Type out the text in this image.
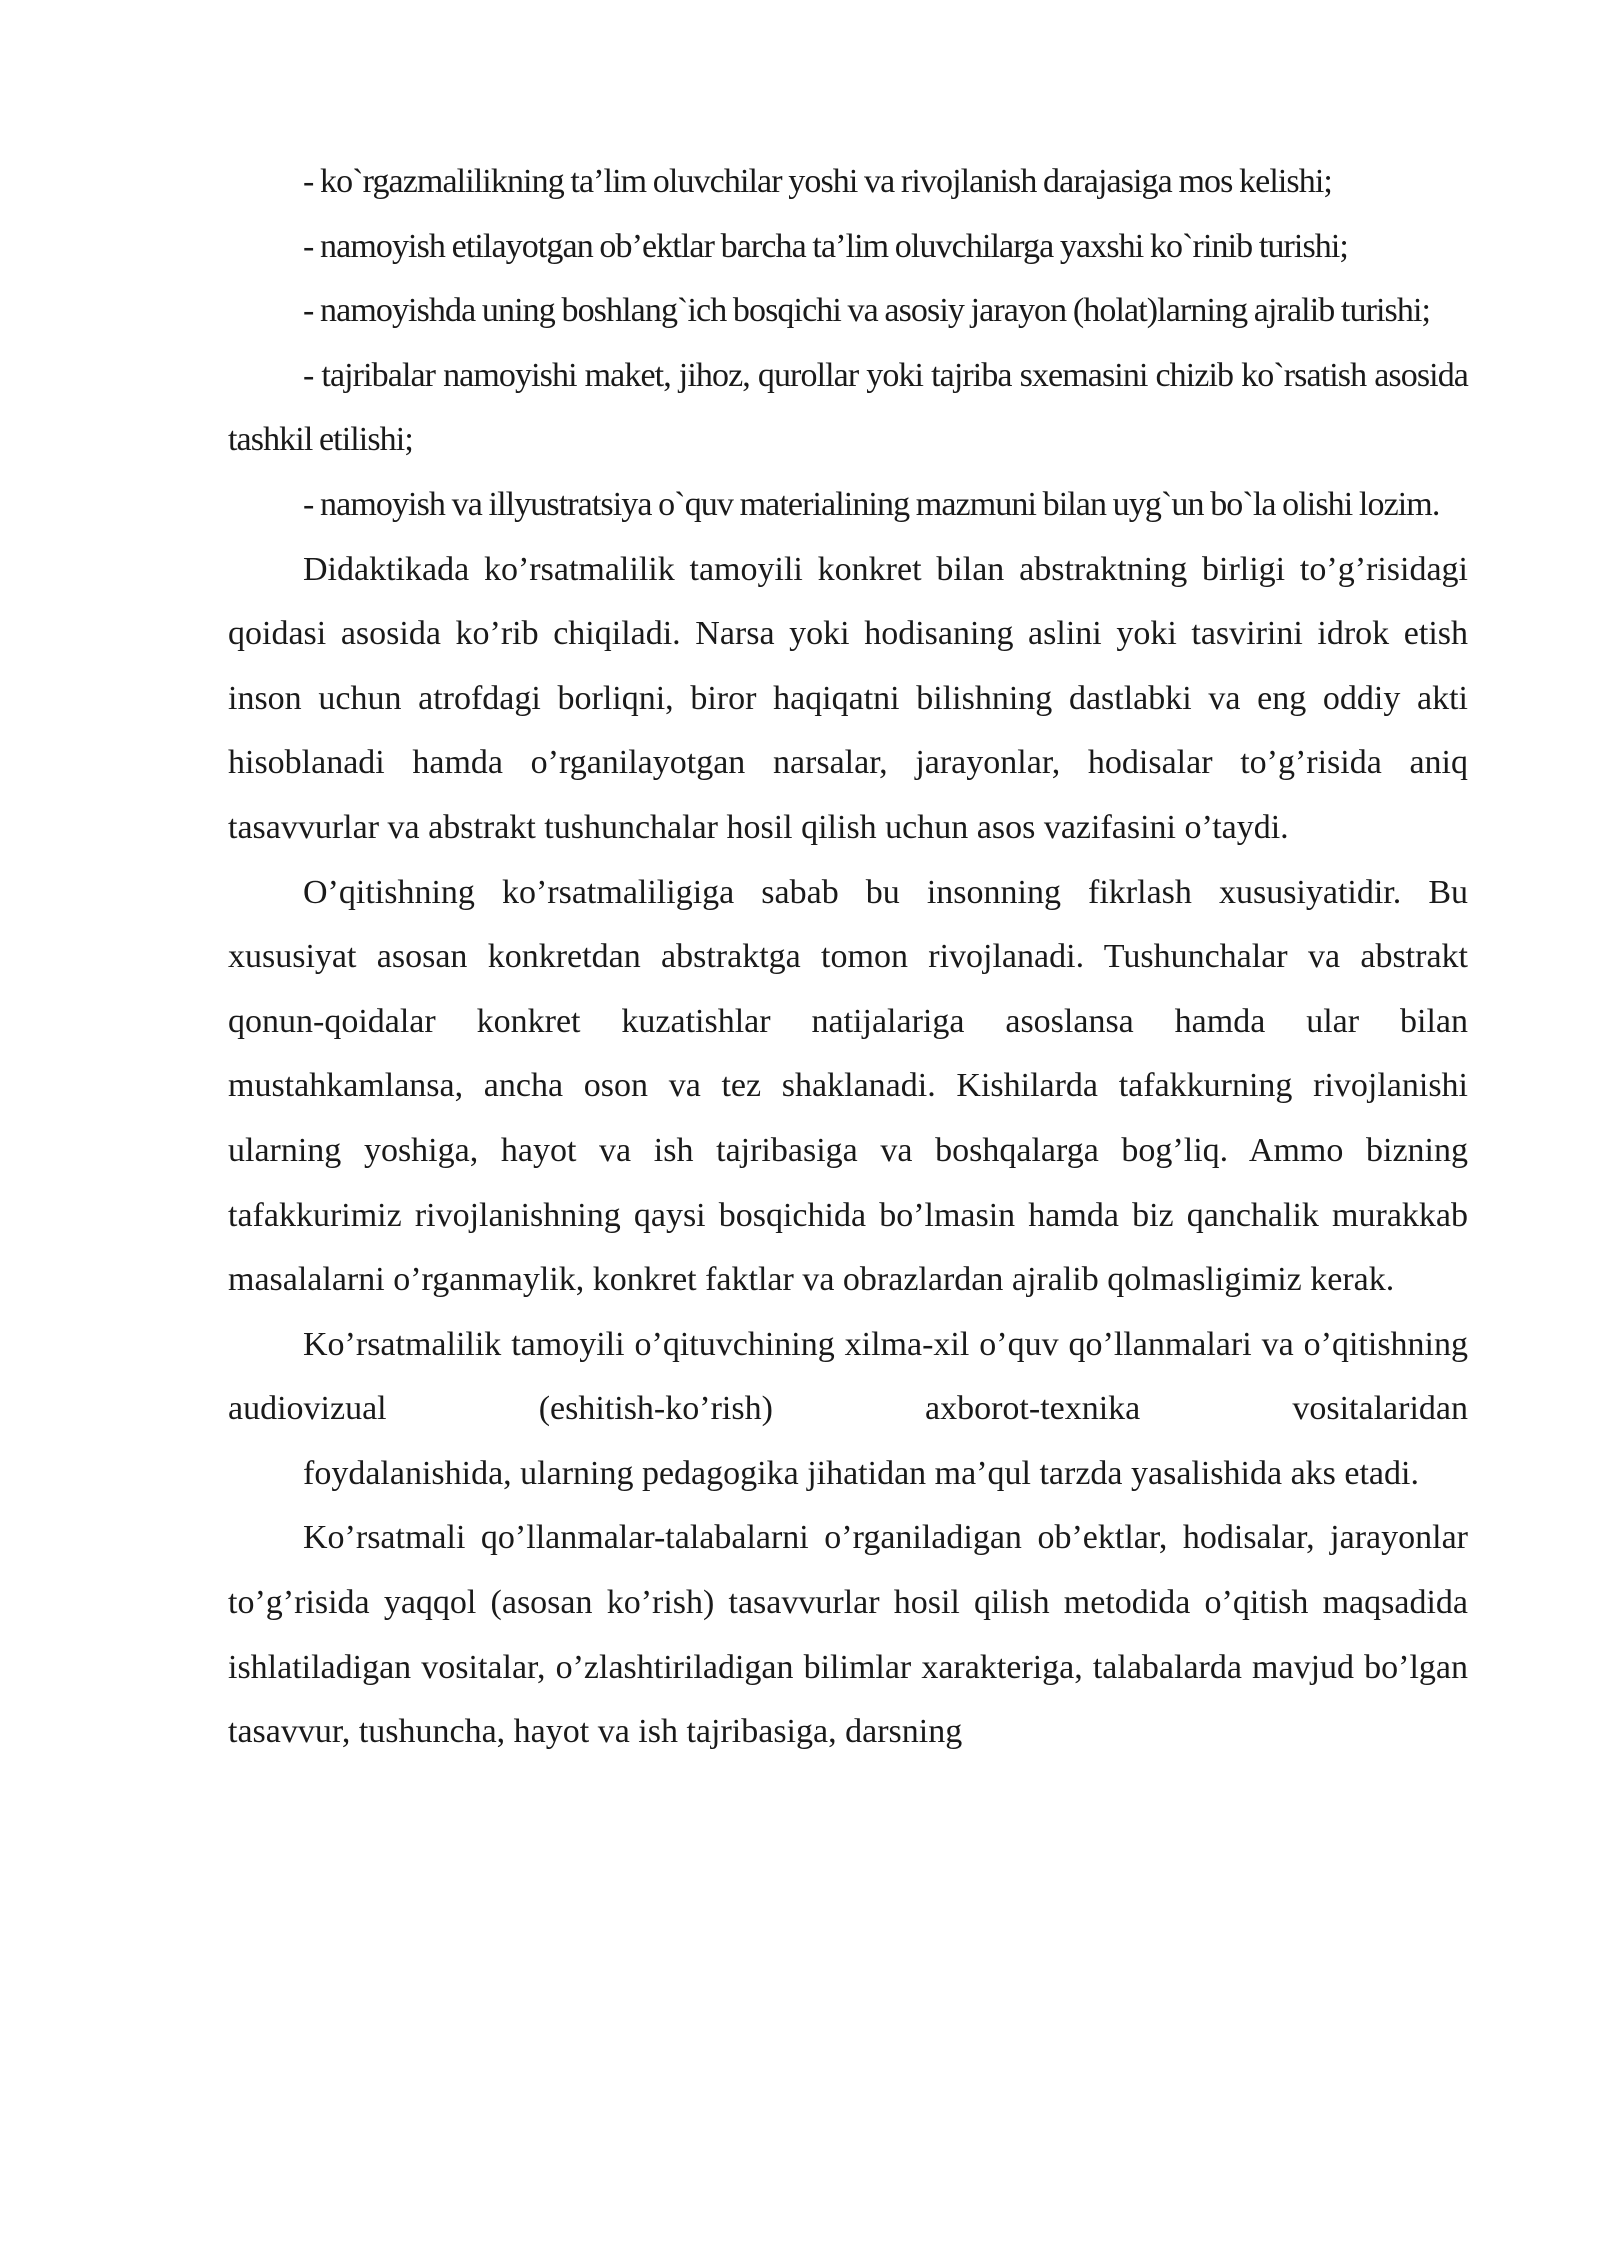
- ko`rgazmalilikning ta’lim oluvchilar yoshi va rivojlanish darajasiga mos kelishi;

- namoyish etilayotgan ob’ektlar barcha ta’lim oluvchilarga yaxshi ko`rinib turishi;

- namoyishda uning boshlang`ich bosqichi va asosiy jarayon (holat)larning ajralib turishi;

- tajribalar namoyishi maket, jihoz, qurollar yoki tajriba sxemasini chizib ko`rsatish asosida tashkil etilishi;

- namoyish va illyustratsiya o`quv materialining mazmuni bilan uyg`un bo`la olishi lozim.

Didaktikada ko’rsatmalilik tamoyili konkret bilan abstraktning birligi to’g’risidagi qoidasi asosida ko’rib chiqiladi. Narsa yoki hodisaning aslini yoki tasvirini idrok etish inson uchun atrofdagi borliqni, biror haqiqatni bilishning dastlabki va eng oddiy akti hisoblanadi hamda o’rganilayotgan narsalar, jarayonlar, hodisalar to’g’risida aniq tasavvurlar va abstrakt tushunchalar hosil qilish uchun asos vazifasini o’taydi.

O’qitishning ko’rsatmaliligiga sabab bu insonning fikrlash xususiyatidir. Bu xususiyat asosan konkretdan abstraktga tomon rivojlanadi. Tushunchalar va abstrakt qonun-qoidalar konkret kuzatishlar natijalariga asoslansa hamda ular bilan mustahkamlansa, ancha oson va tez shaklanadi. Kishilarda tafakkurning rivojlanishi ularning yoshiga, hayot va ish tajribasiga va boshqalarga bog’liq. Ammo bizning tafakkurimiz rivojlanishning qaysi bosqichida bo’lmasin hamda biz qanchalik murakkab masalalarni o’rganmaylik, konkret faktlar va obrazlardan ajralib qolmasligimiz kerak.

Ko’rsatmalilik tamoyili o’qituvchining xilma-xil o’quv qo’llanmalari va o’qitishning audiovizual (eshitish-ko’rish) axborot-texnika vositalaridan

foydalanishida, ularning pedagogika jihatidan ma’qul tarzda yasalishida aks etadi.

Ko’rsatmali qo’llanmalar-talabalarni o’rganiladigan ob’ektlar, hodisalar, jarayonlar to’g’risida yaqqol (asosan ko’rish) tasavvurlar hosil qilish metodida o’qitish maqsadida ishlatiladigan vositalar, o’zlashtiriladigan bilimlar xarakteriga, talabalarda mavjud bo’lgan tasavvur, tushuncha, hayot va ish tajribasiga, darsning
